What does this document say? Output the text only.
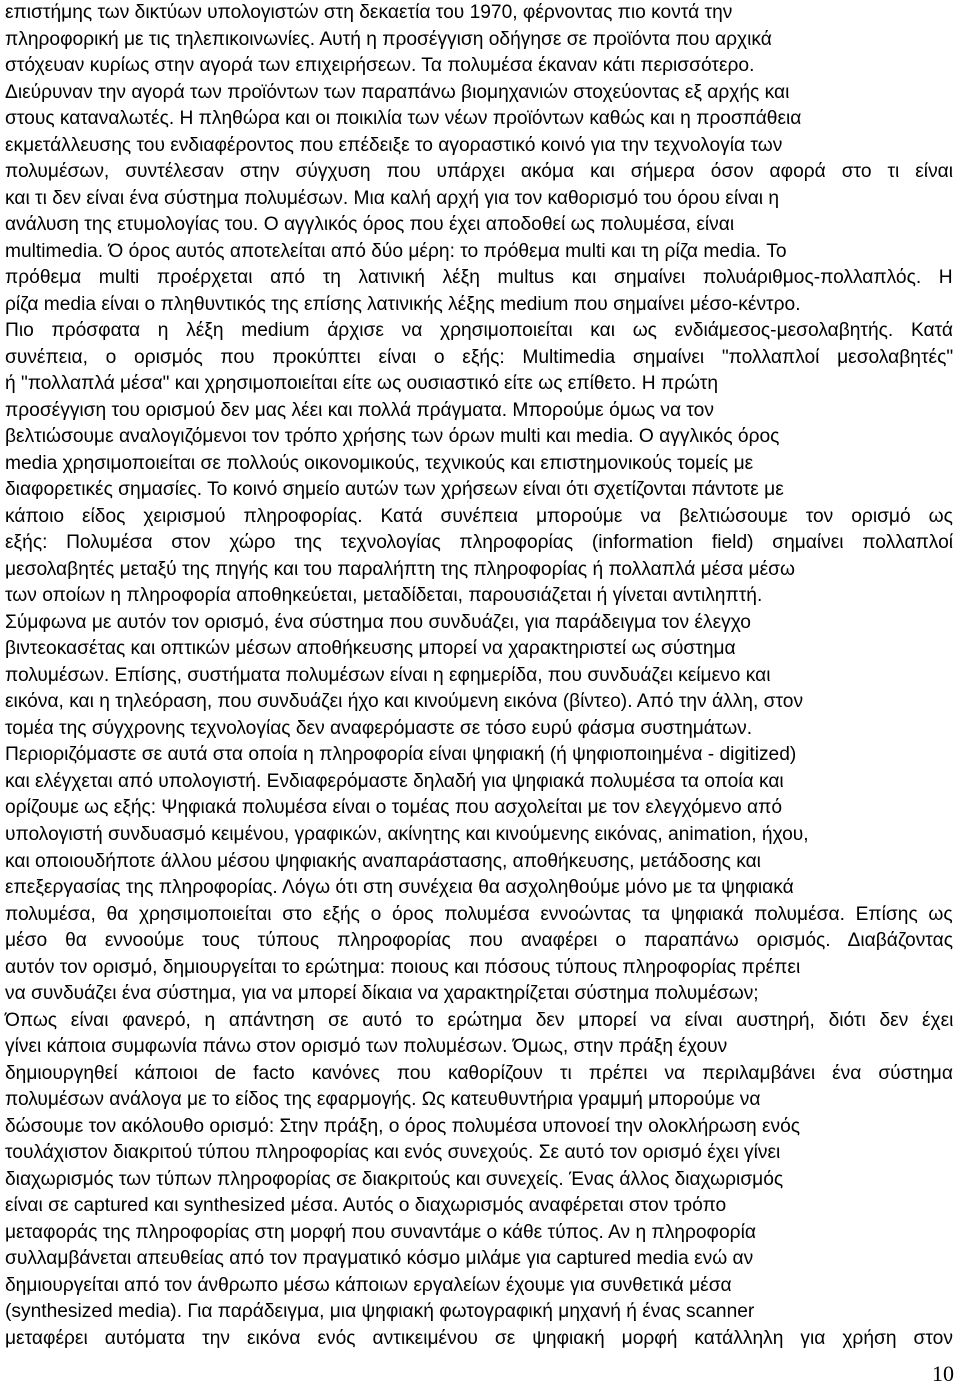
επιστήμης των δικτύων υπολογιστών στη δεκαετία του 1970, φέρνοντας πιο κοντά την
πληροφορική με τις τηλεπικοινωνίες. Αυτή η προσέγγιση οδήγησε σε προϊόντα που αρχικά
στόχευαν κυρίως στην αγορά των επιχειρήσεων. Τα πολυμέσα έκαναν κάτι περισσότερο.
Διεύρυναν την αγορά των προϊόντων των παραπάνω βιομηχανιών στοχεύοντας εξ αρχής και
στους καταναλωτές. Η πληθώρα και οι ποικιλία των νέων προϊόντων καθώς και η προσπάθεια
εκμετάλλευσης του ενδιαφέροντος που επέδειξε το αγοραστικό κοινό για την τεχνολογία των
πολυμέσων, συντέλεσαν στην σύγχυση που υπάρχει ακόμα και σήμερα όσον αφορά στο τι είναι
και τι δεν είναι ένα σύστημα πολυμέσων. Μια καλή αρχή για τον καθορισμό του όρου είναι η
ανάλυση της ετυμολογίας του. Ο αγγλικός όρος που έχει αποδοθεί ως πολυμέσα, είναι
multimedia. Ό όρος αυτός αποτελείται από δύο μέρη: το πρόθεμα multi και τη ρίζα media. Το
πρόθεμα multi προέρχεται από τη λατινική λέξη multus και σημαίνει πολυάριθμος-πολλαπλός. Η
ρίζα media είναι ο πληθυντικός της επίσης λατινικής λέξης medium που σημαίνει μέσο-κέντρο.
Πιο πρόσφατα η λέξη medium άρχισε να χρησιμοποιείται και ως ενδιάμεσος-μεσολαβητής. Κατά
συνέπεια, ο ορισμός που προκύπτει είναι ο εξής: Multimedia σημαίνει "πολλαπλοί μεσολαβητές"
ή "πολλαπλά μέσα" και χρησιμοποιείται είτε ως ουσιαστικό είτε ως επίθετο. Η πρώτη
προσέγγιση του ορισμού δεν μας λέει και πολλά πράγματα. Μπορούμε όμως να τον
βελτιώσουμε αναλογιζόμενοι τον τρόπο χρήσης των όρων multi και media. Ο αγγλικός όρος
media χρησιμοποιείται σε πολλούς οικονομικούς, τεχνικούς και επιστημονικούς τομείς με
διαφορετικές σημασίες. Το κοινό σημείο αυτών των χρήσεων είναι ότι σχετίζονται πάντοτε με
κάποιο είδος χειρισμού πληροφορίας. Κατά συνέπεια μπορούμε να βελτιώσουμε τον ορισμό ως
εξής: Πολυμέσα στον χώρο της τεχνολογίας πληροφορίας (information field) σημαίνει πολλαπλοί
μεσολαβητές μεταξύ της πηγής και του παραλήπτη της πληροφορίας ή πολλαπλά μέσα μέσω
των οποίων η πληροφορία αποθηκεύεται, μεταδίδεται, παρουσιάζεται ή γίνεται αντιληπτή.
Σύμφωνα με αυτόν τον ορισμό, ένα σύστημα που συνδυάζει, για παράδειγμα τον έλεγχο
βιντεοκασέτας και οπτικών μέσων αποθήκευσης μπορεί να χαρακτηριστεί ως σύστημα
πολυμέσων. Επίσης, συστήματα πολυμέσων είναι η εφημερίδα, που συνδυάζει κείμενο και
εικόνα, και η τηλεόραση, που συνδυάζει ήχο και κινούμενη εικόνα (βίντεο). Από την άλλη, στον
τομέα της σύγχρονης τεχνολογίας δεν αναφερόμαστε σε τόσο ευρύ φάσμα συστημάτων.
Περιοριζόμαστε σε αυτά στα οποία η πληροφορία είναι ψηφιακή (ή ψηφιοποιημένα - digitized)
και ελέγχεται από υπολογιστή. Ενδιαφερόμαστε δηλαδή για ψηφιακά πολυμέσα τα οποία και
ορίζουμε ως εξής: Ψηφιακά πολυμέσα είναι ο τομέας που ασχολείται με τον ελεγχόμενο από
υπολογιστή συνδυασμό κειμένου, γραφικών, ακίνητης και κινούμενης εικόνας, animation, ήχου,
και οποιουδήποτε άλλου μέσου ψηφιακής αναπαράστασης, αποθήκευσης, μετάδοσης και
επεξεργασίας της πληροφορίας. Λόγω ότι στη συνέχεια θα ασχοληθούμε μόνο με τα ψηφιακά
πολυμέσα, θα χρησιμοποιείται στο εξής ο όρος πολυμέσα εννοώντας τα ψηφιακά πολυμέσα. Επίσης ως
μέσο θα εννοούμε τους τύπους πληροφορίας που αναφέρει ο παραπάνω ορισμός. Διαβάζοντας
αυτόν τον ορισμό, δημιουργείται το ερώτημα: ποιους και πόσους τύπους πληροφορίας πρέπει
να συνδυάζει ένα σύστημα, για να μπορεί δίκαια να χαρακτηρίζεται σύστημα πολυμέσων;
Όπως είναι φανερό, η απάντηση σε αυτό το ερώτημα δεν μπορεί να είναι αυστηρή, διότι δεν έχει
γίνει κάποια συμφωνία πάνω στον ορισμό των πολυμέσων. Όμως, στην πράξη έχουν
δημιουργηθεί κάποιοι de facto κανόνες που καθορίζουν τι πρέπει να περιλαμβάνει ένα σύστημα
πολυμέσων ανάλογα με το είδος της εφαρμογής. Ως κατευθυντήρια γραμμή μπορούμε να
δώσουμε τον ακόλουθο ορισμό: Στην πράξη, ο όρος πολυμέσα υπονοεί την ολοκλήρωση ενός
τουλάχιστον διακριτού τύπου πληροφορίας και ενός συνεχούς. Σε αυτό τον ορισμό έχει γίνει
διαχωρισμός των τύπων πληροφορίας σε διακριτούς και συνεχείς. Ένας άλλος διαχωρισμός
είναι σε captured και synthesized μέσα. Αυτός ο διαχωρισμός αναφέρεται στον τρόπο
μεταφοράς της πληροφορίας στη μορφή που συναντάμε ο κάθε τύπος. Αν η πληροφορία
συλλαμβάνεται απευθείας από τον πραγματικό κόσμο μιλάμε για captured media ενώ αν
δημιουργείται από τον άνθρωπο μέσω κάποιων εργαλείων έχουμε για συνθετικά μέσα
(synthesized media). Για παράδειγμα, μια ψηφιακή φωτογραφική μηχανή ή ένας scanner
μεταφέρει αυτόματα την εικόνα ενός αντικειμένου σε ψηφιακή μορφή κατάλληλη για χρήση στον
10
